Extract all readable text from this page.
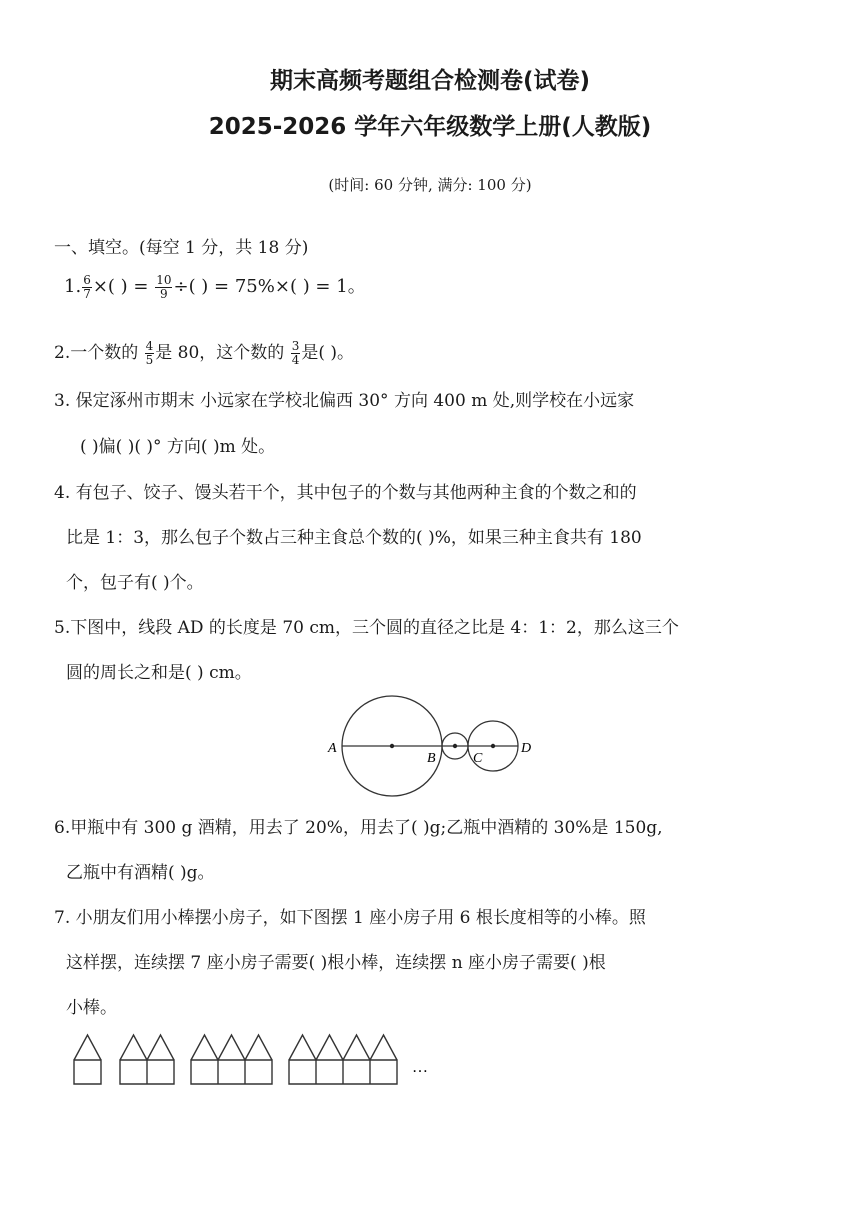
期末高频考题组合检测卷(试卷)
2025-2026 学年六年级数学上册(人教版)
(时间: 60 分钟, 满分: 100 分)
一、填空。(每空 1 分，共 18 分)
1. $\frac{6}{7}$ ×( ) = $\frac{10}{9}$ ÷( ) = 75%×( ) = 1。
2.一个数的 $\frac{4}{5}$ 是 80，这个数的 $\frac{3}{4}$ 是( )。
3. 保定涿州市期末 小远家在学校北偏西 30° 方向 400 m 处,则学校在小远家
( )偏( )( )° 方向( )m 处。
4. 有包子、饺子、馒头若干个，其中包子的个数与其他两种主食的个数之和的
比是 1：3，那么包子个数占三种主食总个数的( )%，如果三种主食共有 180
个，包子有( )个。
5.下图中，线段 AD 的长度是 70 cm，三个圆的直径之比是 4：1：2，那么这三个
圆的周长之和是( ) cm。
A
B	C
D
6.甲瓶中有 300 g 酒精，用去了 20%，用去了( )g;乙瓶中酒精的 30%是 150g,
乙瓶中有酒精( )g。
7. 小朋友们用小棒摆小房子，如下图摆 1 座小房子用 6 根长度相等的小棒。照
这样摆，连续摆 7 座小房子需要( )根小棒，连续摆 n 座小房子需要( )根
小棒。
…
